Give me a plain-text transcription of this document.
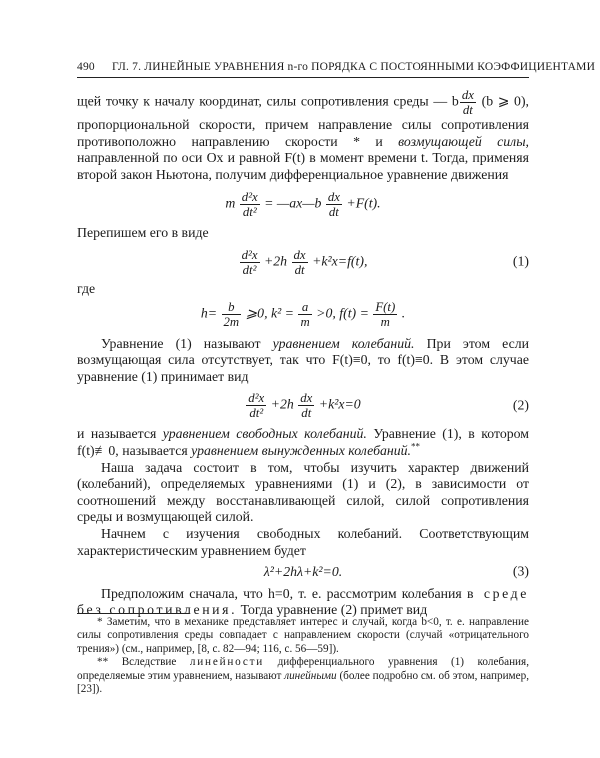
490 ГЛ. 7. ЛИНЕЙНЫЕ УРАВНЕНИЯ n-го ПОРЯДКА С ПОСТОЯННЫМИ КОЭФФИЦИЕНТАМИ

щей точку к началу координат, силы сопротивления среды — b $\frac{dx}{dt} (b$ ⩾ 0), пропорциональной скорости, причем направление силы сопротивления противоположно направлению скорости * и возмущающей силы, направленной по оси Ox и равной F(t) в момент времени t. Тогда, применяя второй закон Ньютона, получим дифференциальное уравнение движения

m $\frac{\text{d²x}}{\text{dt²}}$ = —ax—b $\frac{dx}{dt} +F(t)$.

Перепишем его в виде

$\frac{\text{d²x}}{\text{dt²}} +2h \frac{dx}{dt} +k^2x=f(t)$,	(1)

где

$h= \frac{b}{2m}$ ⩾0, $k^2 = \frac{a}{m} >0$, $f(t) = \frac{F(t)}{m}$ .

Уравнение (1) называют уравнением колебаний. При этом если возмущающая сила отсутствует, так что F(t)≡0, то f(t)≡0. В этом случае уравнение (1) принимает вид

$\frac{\text{d²x}}{\text{dt²}} +2h \frac{dx}{dt} +k^2x=0$	(2)

и называется уравнением свободных колебаний. Уравнение (1), в котором f(t)≢0, называется уравнением вынужденных колебаний.**

Наша задача состоит в том, чтобы изучить характер движений (колебаний), определяемых уравнениями (1) и (2), в зависимости от соотношений между восстанавливающей силой, силой сопротивления среды и возмущающей силой.

Начнем с изучения свободных колебаний. Соответствующим характеристическим уравнением будет

λ²+2hλ+k²=0.	(3)

Предположим сначала, что h=0, т. е. рассмотрим колебания в среде без сопротивления. Тогда уравнение (2) примет вид

* Заметим, что в механике представляет интерес и случай, когда b<0, т. е. направление силы сопротивления среды совпадает с направлением скорости (случай «отрицательного трения») (см., например, [8, с. 82—94; 116, с. 56—59]).

** Вследствие линейности дифференциального уравнения (1) колебания, определяемые этим уравнением, называют линейными (более подробно см. об этом, например, [23]).
